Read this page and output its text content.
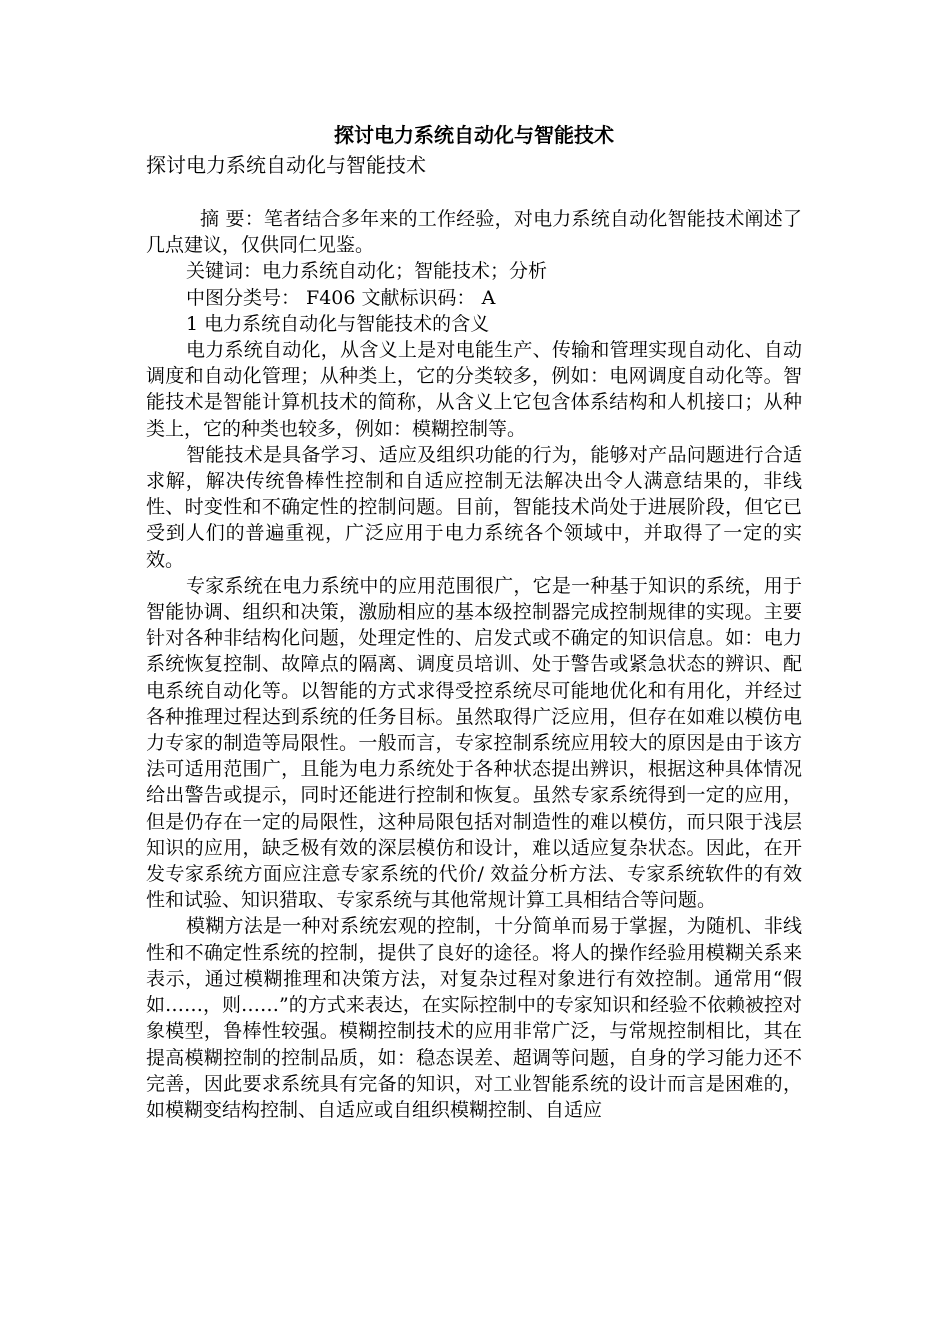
探讨电力系统自动化与智能技术

探讨电力系统自动化与智能技术

摘 要：笔者结合多年来的工作经验，对电力系统自动化智能技术阐述了几点建议，仅供同仁见鉴。

关键词：电力系统自动化；智能技术；分析

中图分类号： F406 文献标识码： A

1 电力系统自动化与智能技术的含义

电力系统自动化，从含义上是对电能生产、传输和管理实现自动化、自动调度和自动化管理；从种类上，它的分类较多，例如：电网调度自动化等。智能技术是智能计算机技术的简称，从含义上它包含体系结构和人机接口；从种类上，它的种类也较多，例如：模糊控制等。

智能技术是具备学习、适应及组织功能的行为，能够对产品问题进行合适求解，解决传统鲁棒性控制和自适应控制无法解决出令人满意结果的，非线性、时变性和不确定性的控制问题。目前，智能技术尚处于进展阶段，但它已受到人们的普遍重视，广泛应用于电力系统各个领域中，并取得了一定的实效。

专家系统在电力系统中的应用范围很广，它是一种基于知识的系统，用于智能协调、组织和决策，激励相应的基本级控制器完成控制规律的实现。主要针对各种非结构化问题，处理定性的、启发式或不确定的知识信息。如：电力系统恢复控制、故障点的隔离、调度员培训、处于警告或紧急状态的辨识、配电系统自动化等。以智能的方式求得受控系统尽可能地优化和有用化，并经过各种推理过程达到系统的任务目标。虽然取得广泛应用，但存在如难以模仿电力专家的制造等局限性。一般而言，专家控制系统应用较大的原因是由于该方法可适用范围广，且能为电力系统处于各种状态提出辨识，根据这种具体情况给出警告或提示，同时还能进行控制和恢复。虽然专家系统得到一定的应用，但是仍存在一定的局限性，这种局限包括对制造性的难以模仿，而只限于浅层知识的应用，缺乏极有效的深层模仿和设计，难以适应复杂状态。因此，在开发专家系统方面应注意专家系统的代价/ 效益分析方法、专家系统软件的有效性和试验、知识猎取、专家系统与其他常规计算工具相结合等问题。

模糊方法是一种对系统宏观的控制，十分简单而易于掌握，为随机、非线性和不确定性系统的控制，提供了良好的途径。将人的操作经验用模糊关系来表示，通过模糊推理和决策方法，对复杂过程对象进行有效控制。通常用“假如……，则……”的方式来表达，在实际控制中的专家知识和经验不依赖被控对象模型，鲁棒性较强。模糊控制技术的应用非常广泛，与常规控制相比，其在提高模糊控制的控制品质，如：稳态误差、超调等问题，自身的学习能力还不完善，因此要求系统具有完备的知识，对工业智能系统的设计而言是困难的，如模糊变结构控制、自适应或自组织模糊控制、自适应
